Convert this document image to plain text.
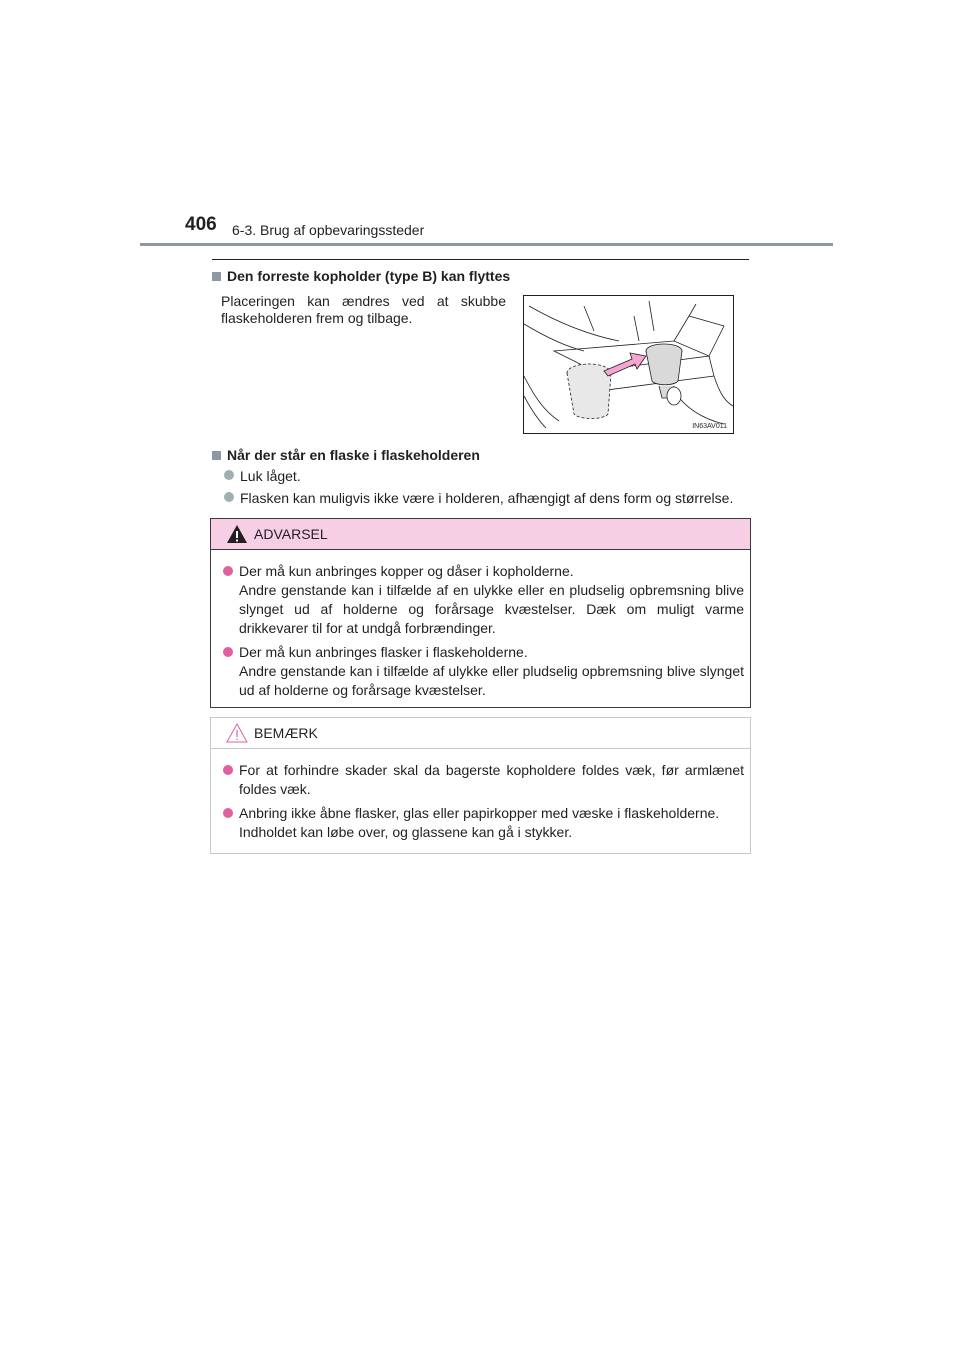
406 6-3. Brug af opbevaringssteder
Den forreste kopholder (type B) kan flyttes
Placeringen kan ændres ved at skubbe flaskeholderen frem og tilbage.
IN63AV011
Når der står en flaske i flaskeholderen
Luk låget.
Flasken kan muligvis ikke være i holderen, afhængigt af dens form og størrelse.
ADVARSEL
Der må kun anbringes kopper og dåser i kopholderne.
Andre genstande kan i tilfælde af en ulykke eller en pludselig opbremsning blive slynget ud af holderne og forårsage kvæstelser. Dæk om muligt varme drikkevarer til for at undgå forbrændinger.
Der må kun anbringes flasker i flaskeholderne.
Andre genstande kan i tilfælde af ulykke eller pludselig opbremsning blive slynget ud af holderne og forårsage kvæstelser.
BEMÆRK
For at forhindre skader skal da bagerste kopholdere foldes væk, før armlænet foldes væk.
Anbring ikke åbne flasker, glas eller papirkopper med væske i flaskeholderne.
Indholdet kan løbe over, og glassene kan gå i stykker.
